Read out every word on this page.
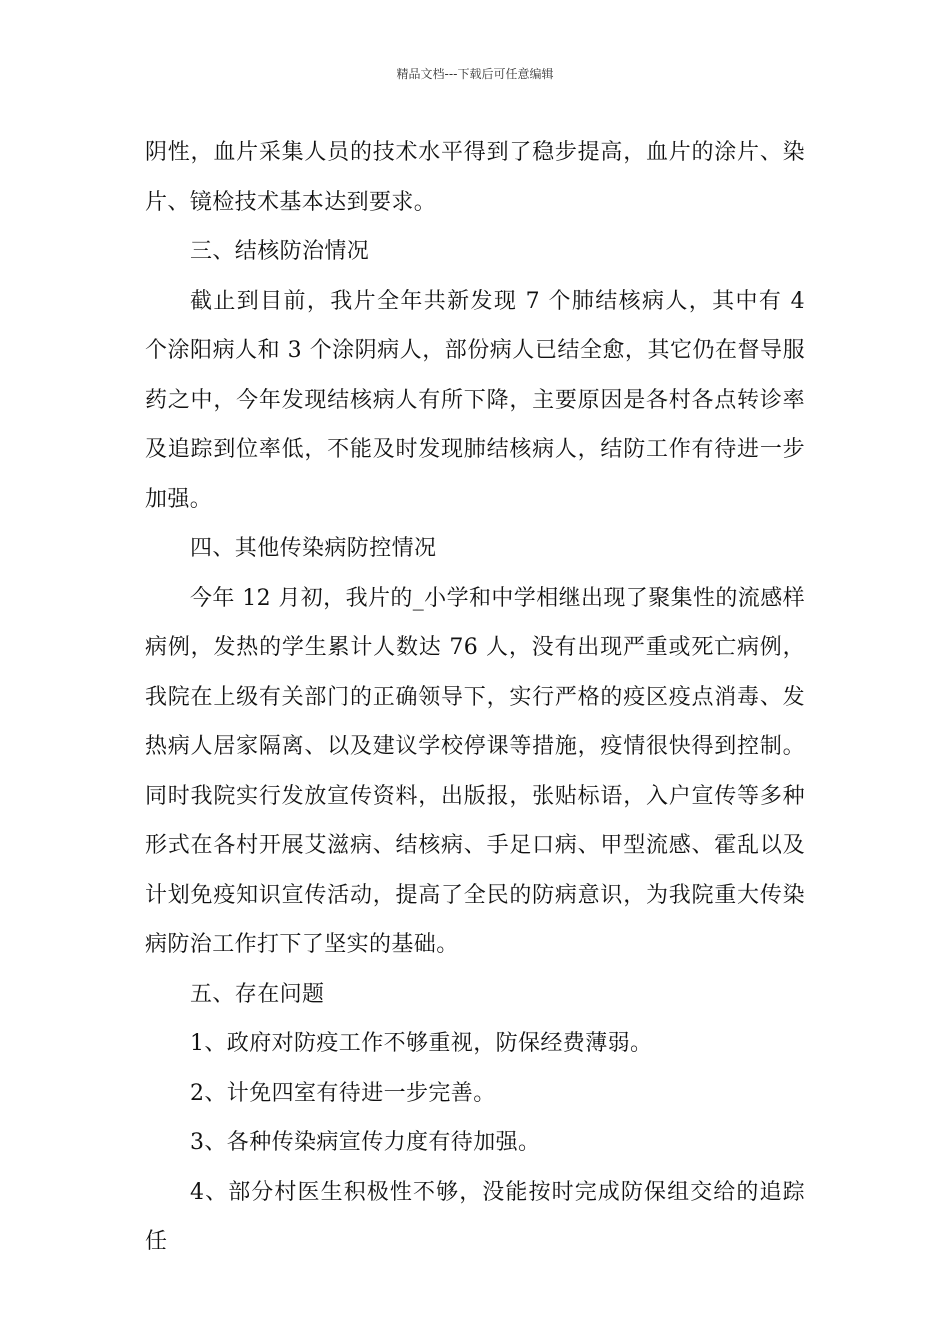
精品文档---下载后可任意编辑

阴性，血片采集人员的技术水平得到了稳步提高，血片的涂片、染片、镜检技术基本达到要求。

三、结核防治情况

截止到目前，我片全年共新发现 7 个肺结核病人，其中有 4 个涂阳病人和 3 个涂阴病人，部份病人已结全愈，其它仍在督导服药之中，今年发现结核病人有所下降，主要原因是各村各点转诊率及追踪到位率低，不能及时发现肺结核病人，结防工作有待进一步加强。

四、其他传染病防控情况

今年 12 月初，我片的_小学和中学相继出现了聚集性的流感样病例，发热的学生累计人数达 76 人，没有出现严重或死亡病例，我院在上级有关部门的正确领导下，实行严格的疫区疫点消毒、发热病人居家隔离、以及建议学校停课等措施，疫情很快得到控制。同时我院实行发放宣传资料，出版报，张贴标语，入户宣传等多种形式在各村开展艾滋病、结核病、手足口病、甲型流感、霍乱以及计划免疫知识宣传活动，提高了全民的防病意识，为我院重大传染病防治工作打下了坚实的基础。

五、存在问题

1、政府对防疫工作不够重视，防保经费薄弱。

2、计免四室有待进一步完善。

3、各种传染病宣传力度有待加强。

4、部分村医生积极性不够，没能按时完成防保组交给的追踪任
